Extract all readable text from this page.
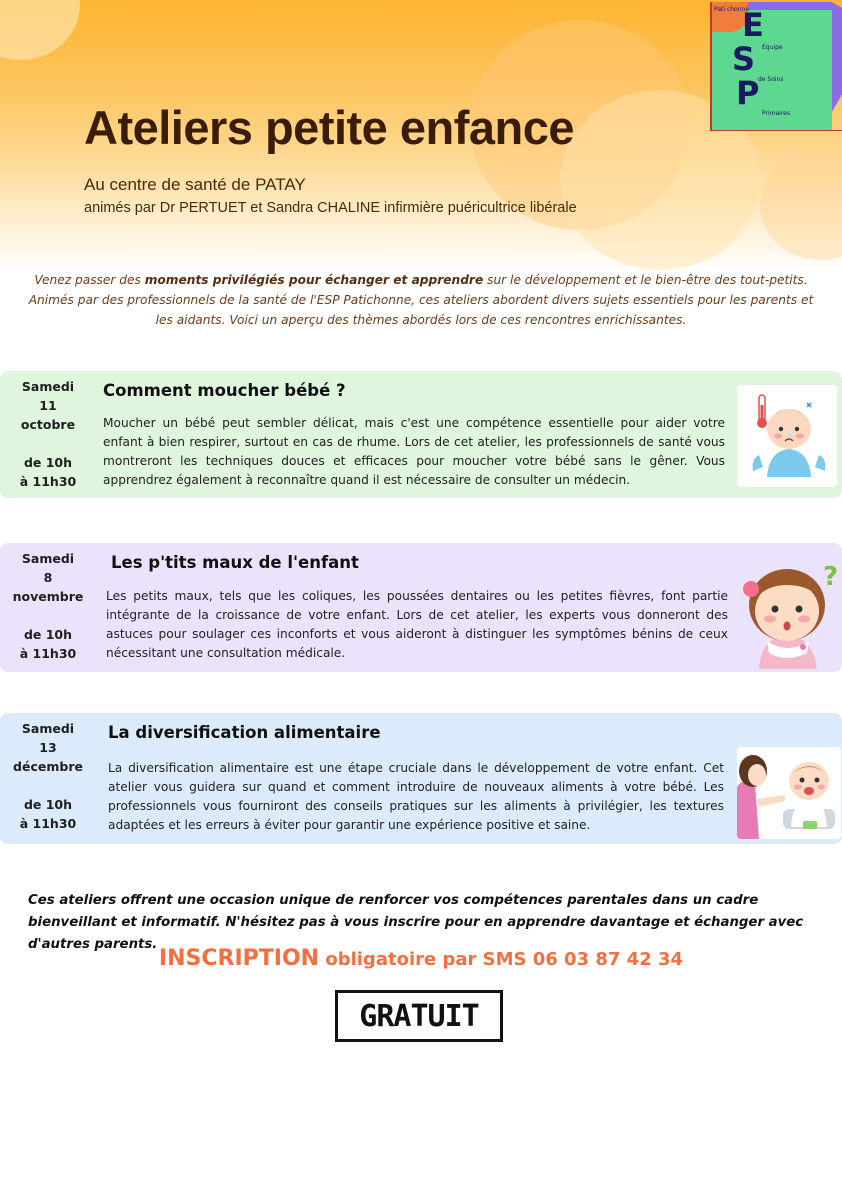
Pati chonne
E
Equipe
S
de Soins
P
Primaires
Ateliers petite enfance
Au centre de santé de PATAY
animés par Dr PERTUET et Sandra CHALINE infirmière puéricultrice libérale
Venez passer des moments privilégiés pour échanger et apprendre sur le développement et le bien-être des tout-petits. Animés par des professionnels de la santé de l'ESP Patichonne, ces ateliers abordent divers sujets essentiels pour les parents et les aidants. Voici un aperçu des thèmes abordés lors de ces rencontres enrichissantes.
Samedi
11
octobre
de 10h
à 11h30
Comment moucher bébé ?
Moucher un bébé peut sembler délicat, mais c'est une compétence essentielle pour aider votre enfant à bien respirer, surtout en cas de rhume. Lors de cet atelier, les professionnels de santé vous montreront les techniques douces et efficaces pour moucher votre bébé sans le gêner. Vous apprendrez également à reconnaître quand il est nécessaire de consulter un médecin.
Samedi
8
novembre
de 10h
à 11h30
Les p'tits maux de l'enfant
Les petits maux, tels que les coliques, les poussées dentaires ou les petites fièvres, font partie intégrante de la croissance de votre enfant. Lors de cet atelier, les experts vous donneront des astuces pour soulager ces inconforts et vous aideront à distinguer les symptômes bénins de ceux nécessitant une consultation médicale.
?
Samedi
13
décembre
de 10h
à 11h30
La diversification alimentaire
La diversification alimentaire est une étape cruciale dans le développement de votre enfant. Cet atelier vous guidera sur quand et comment introduire de nouveaux aliments à votre bébé. Les professionnels vous fourniront des conseils pratiques sur les aliments à privilégier, les textures adaptées et les erreurs à éviter pour garantir une expérience positive et saine.
Ces ateliers offrent une occasion unique de renforcer vos compétences parentales dans un cadre bienveillant et informatif. N'hésitez pas à vous inscrire pour en apprendre davantage et échanger avec d'autres parents.
INSCRIPTION obligatoire par SMS 06 03 87 42 34
GRATUIT
